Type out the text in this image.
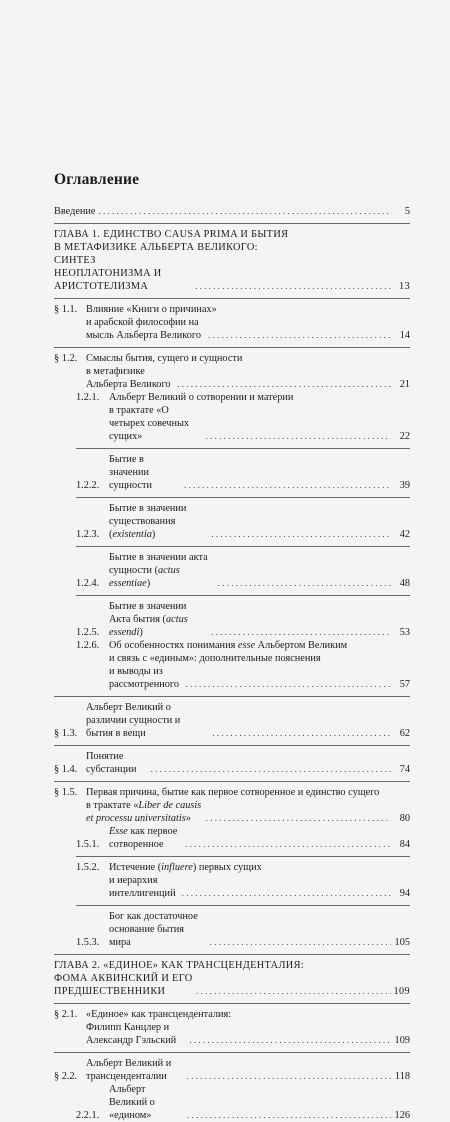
Оглавление
Введение . . .	5
ГЛАВА 1. ЕДИНСТВО CAUSA PRIMA И БЫТИЯ
В МЕТАФИЗИКЕ АЛЬБЕРТА ВЕЛИКОГО:
СИНТЕЗ НЕОПЛАТОНИЗМА И АРИСТОТЕЛИЗМА . . .	13
§ 1.1. Влияние «Книги о причинах»
и арабской философии на мысль Альберта Великого . . .	14
§ 1.2. Смыслы бытия, сущего и сущности
в метафизике Альберта Великого . . .	21
1.2.1. Альберт Великий о сотворении и материи
в трактате «О четырех совечных сущих» . . .	22
1.2.2.
Бытие в значении сущности . . .	39
1.2.3.
Бытие в значении существования (existentia) . . .	42
1.2.4.
Бытие в значении акта сущности (actus essentiae) . . .	48
1.2.5.
Бытие в значении Акта бытия (actus essendi) . . .	53
1.2.6. Об особенностях понимания esse Альбертом Великим
и связь с «единым»: дополнительные пояснения
и выводы из рассмотренного . . .	57
§ 1.3.
Альберт Великий о различии сущности и бытия в вещи . . .	62
§ 1.4.
Понятие субстанции . . .	74
§ 1.5. Первая причина, бытие как первое сотворенное и единство сущего
в трактате «Liber de causis et processu universitatis» . . .	80
1.5.1.
Esse как первое сотворенное . . .	84
1.5.2. Истечение (influere) первых сущих
и иерархия интеллигенций . . .	94
1.5.3.
Бог как достаточное основание бытия мира . . .	105
ГЛАВА 2. «ЕДИНОЕ» КАК ТРАНСЦЕНДЕНТАЛИЯ:
ФОМА АКВИНСКИЙ И ЕГО ПРЕДШЕСТВЕННИКИ . . .	109
§ 2.1. «Единое» как трансценденталия:
Филипп Канцлер и Александр Гэльский . . .	109
§ 2.2.
Альберт Великий и трансценденталии . . .	118
2.2.1.
Альберт Великий о «едином» . . .	126
